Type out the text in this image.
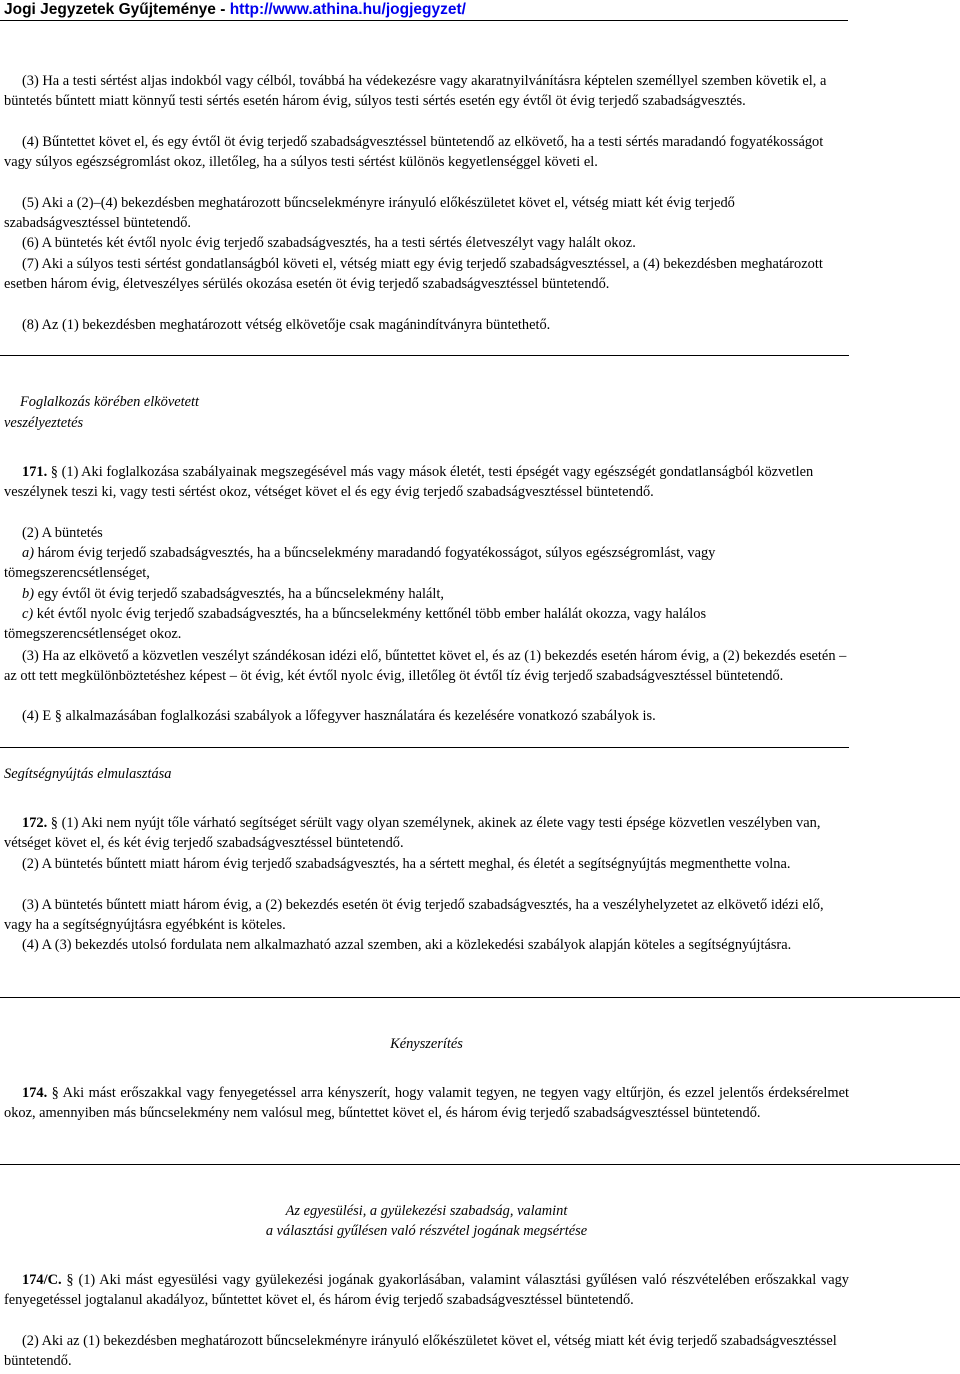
Jogi Jegyzetek Gyűjteménye - http://www.athina.hu/jogjegyzet/

(3) Ha a testi sértést aljas indokból vagy célból, továbbá ha védekezésre vagy akaratnyilvánításra képtelen személlyel szemben követik el, a büntetés bűntett miatt könnyű testi sértés esetén három évig, súlyos testi sértés esetén egy évtől öt évig terjedő szabadságvesztés.

(4) Bűntettet követ el, és egy évtől öt évig terjedő szabadságvesztéssel büntetendő az elkövető, ha a testi sértés maradandó fogyatékosságot vagy súlyos egészségromlást okoz, illetőleg, ha a súlyos testi sértést különös kegyetlenséggel követi el.

(5) Aki a (2)–(4) bekezdésben meghatározott bűncselekményre irányuló előkészületet követ el, vétség miatt két évig terjedő szabadságvesztéssel büntetendő.

(6) A büntetés két évtől nyolc évig terjedő szabadságvesztés, ha a testi sértés életveszélyt vagy halált okoz.

(7) Aki a súlyos testi sértést gondatlanságból követi el, vétség miatt egy évig terjedő szabadságvesztéssel, a (4) bekezdésben meghatározott esetben három évig, életveszélyes sérülés okozása esetén öt évig terjedő szabadságvesztéssel büntetendő.

(8) Az (1) bekezdésben meghatározott vétség elkövetője csak magánindítványra büntethető.

Foglalkozás körében elkövetett

veszélyeztetés

171. § (1) Aki foglalkozása szabályainak megszegésével más vagy mások életét, testi épségét vagy egészségét gondatlanságból közvetlen veszélynek teszi ki, vagy testi sértést okoz, vétséget követ el és egy évig terjedő szabadságvesztéssel büntetendő.

(2) A büntetés

a) három évig terjedő szabadságvesztés, ha a bűncselekmény maradandó fogyatékosságot, súlyos egészségromlást, vagy tömegszerencsétlenséget,

b) egy évtől öt évig terjedő szabadságvesztés, ha a bűncselekmény halált,

c) két évtől nyolc évig terjedő szabadságvesztés, ha a bűncselekmény kettőnél több ember halálát okozza, vagy halálos tömegszerencsétlenséget okoz.

(3) Ha az elkövető a közvetlen veszélyt szándékosan idézi elő, bűntettet követ el, és az (1) bekezdés esetén három évig, a (2) bekezdés esetén – az ott tett megkülönböztetéshez képest – öt évig, két évtől nyolc évig, illetőleg öt évtől tíz évig terjedő szabadságvesztéssel büntetendő.

(4) E § alkalmazásában foglalkozási szabályok a lőfegyver használatára és kezelésére vonatkozó szabályok is.

Segítségnyújtás elmulasztása

172. § (1) Aki nem nyújt tőle várható segítséget sérült vagy olyan személynek, akinek az élete vagy testi épsége közvetlen veszélyben van, vétséget követ el, és két évig terjedő szabadságvesztéssel büntetendő.

(2) A büntetés bűntett miatt három évig terjedő szabadságvesztés, ha a sértett meghal, és életét a segítségnyújtás megmenthette volna.

(3) A büntetés bűntett miatt három évig, a (2) bekezdés esetén öt évig terjedő szabadságvesztés, ha a veszélyhelyzetet az elkövető idézi elő, vagy ha a segítségnyújtásra egyébként is köteles.

(4) A (3) bekezdés utolsó fordulata nem alkalmazható azzal szemben, aki a közlekedési szabályok alapján köteles a segítségnyújtásra.

Kényszerítés

174. § Aki mást erőszakkal vagy fenyegetéssel arra kényszerít, hogy valamit tegyen, ne tegyen vagy eltűrjön, és ezzel jelentős érdeksérelmet okoz, amennyiben más bűncselekmény nem valósul meg, bűntettet követ el, és három évig terjedő szabadságvesztéssel büntetendő.

Az egyesülési, a gyülekezési szabadság, valamint

a választási gyűlésen való részvétel jogának megsértése

174/C. § (1) Aki mást egyesülési vagy gyülekezési jogának gyakorlásában, valamint választási gyűlésen való részvételében erőszakkal vagy fenyegetéssel jogtalanul akadályoz, bűntettet követ el, és három évig terjedő szabadságvesztéssel büntetendő.

(2) Aki az (1) bekezdésben meghatározott bűncselekményre irányuló előkészületet követ el, vétség miatt két évig terjedő szabadságvesztéssel büntetendő.
